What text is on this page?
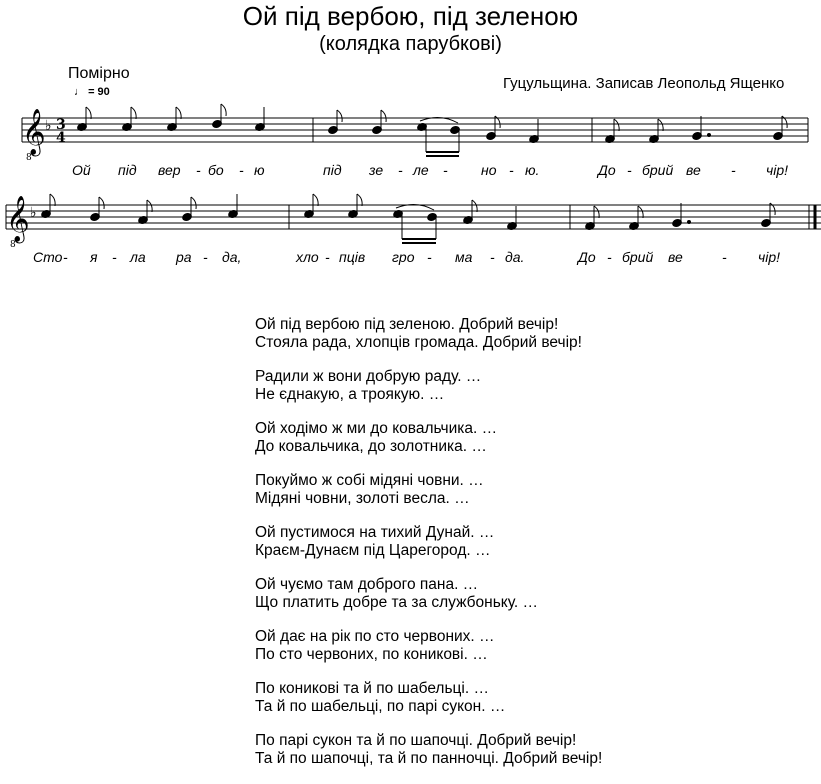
Ой під вербою, під зеленою
(колядка парубкові)
Помірно
♩ = 90	Гуцульщина. Записав Леопольд Ященко
𝄞
8
♭ 3
4
Ой під вер - бо - ю	під зе - ле - но - ю.	До - брий ве - чір!
𝄞
8
♭
Сто - я - ла ра - да,	хло - пців гро - ма - да.	До - брий ве	- чір!
Ой під вербою під зеленою. Добрий вечір!
Стояла рада, хлопців громада. Добрий вечір!
Радили ж вони добрую раду. …
Не єднакую, а троякую. …
Ой ходімо ж ми до ковальчика. …
До ковальчика, до золотника. …
Покуймо ж собі мідяні човни. …
Мідяні човни, золоті весла. …
Ой пустимося на тихий Дунай. …
Краєм-Дунаєм під Царегород. …
Ой чуємо там доброго пана. …
Що платить добре та за службоньку. …
Ой дає на рік по сто червоних. …
По сто червоних, по коникові. …
По коникові та й по шабельці. …
Та й по шабельці, по парі сукон. …
По парі сукон та й по шапочці. Добрий вечір!
Та й по шапочці, та й по панночці. Добрий вечір!
